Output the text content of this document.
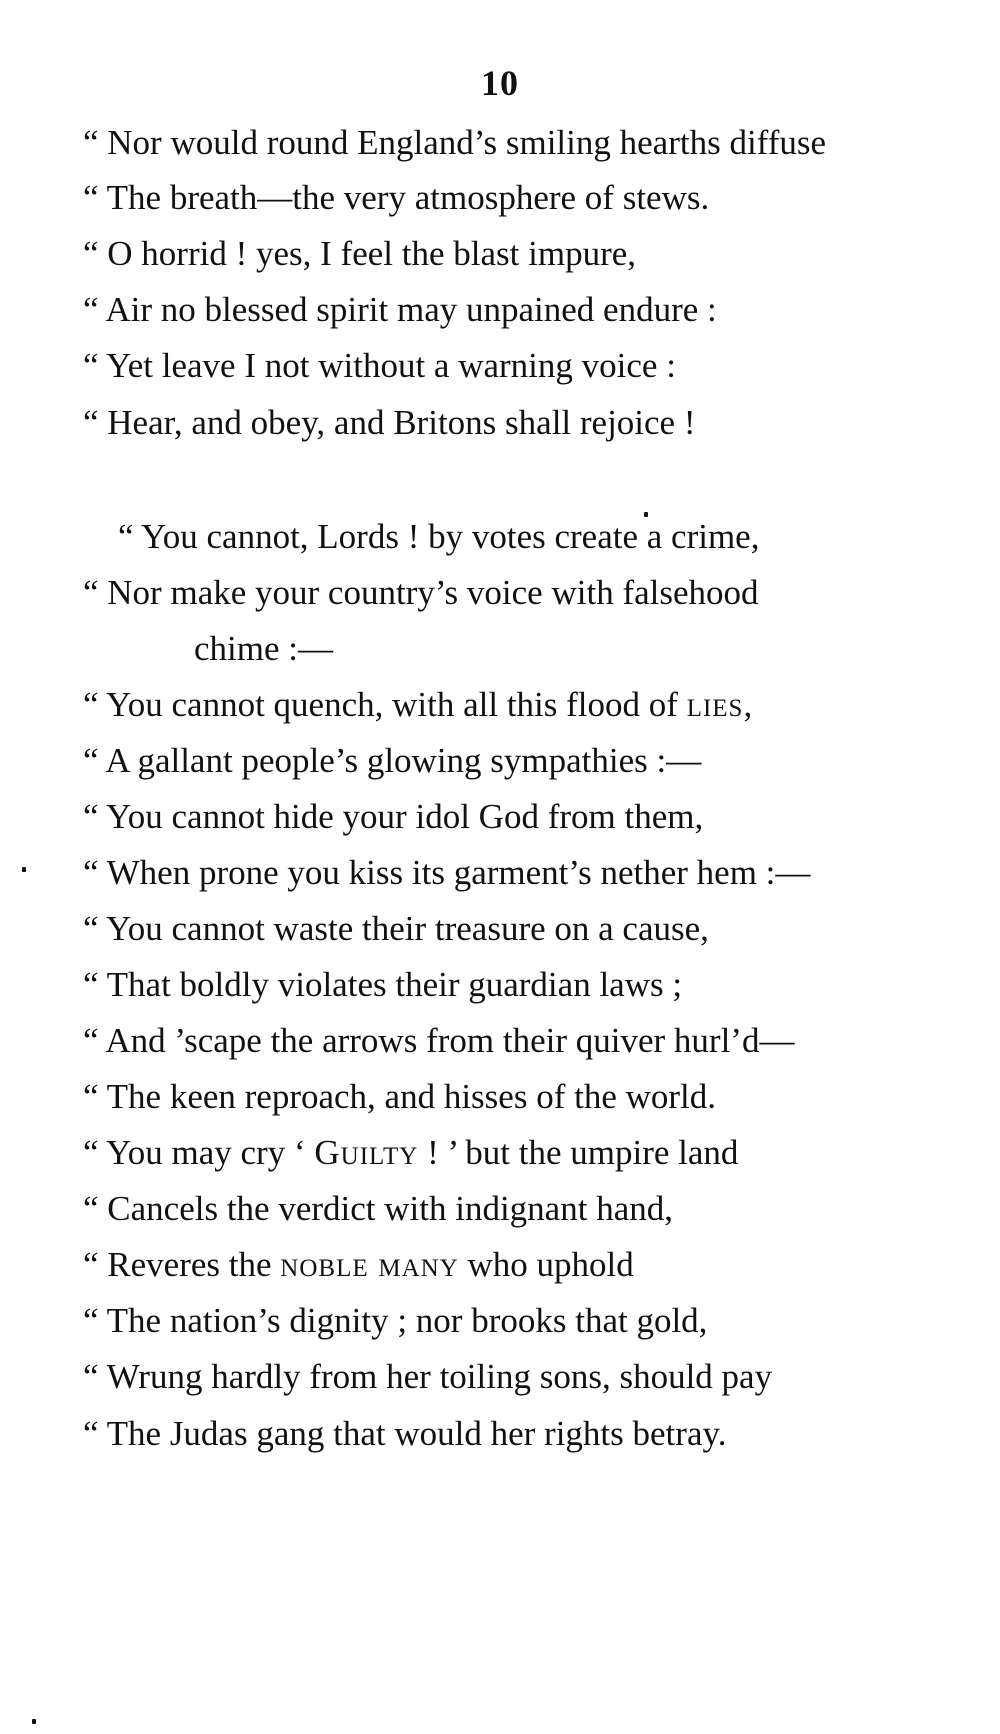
10
“ Nor would round England’s smiling hearths diffuse
“ The breath—the very atmosphere of stews.
“ O horrid ! yes, I feel the blast impure,
“ Air no blessed spirit may unpained endure :
“ Yet leave I not without a warning voice :
“ Hear, and obey, and Britons shall rejoice !
“ You cannot, Lords ! by votes create a crime,
“ Nor make your country’s voice with falsehood
chime :—
“ You cannot quench, with all this flood of lies,
“ A gallant people’s glowing sympathies :—
“ You cannot hide your idol God from them,
“ When prone you kiss its garment’s nether hem :—
“ You cannot waste their treasure on a cause,
“ That boldly violates their guardian laws ;
“ And ’scape the arrows from their quiver hurl’d—
“ The keen reproach, and hisses of the world.
“ You may cry ‘ Guilty ! ’ but the umpire land
“ Cancels the verdict with indignant hand,
“ Reveres the noble many who uphold
“ The nation’s dignity ; nor brooks that gold,
“ Wrung hardly from her toiling sons, should pay
“ The Judas gang that would her rights betray.
